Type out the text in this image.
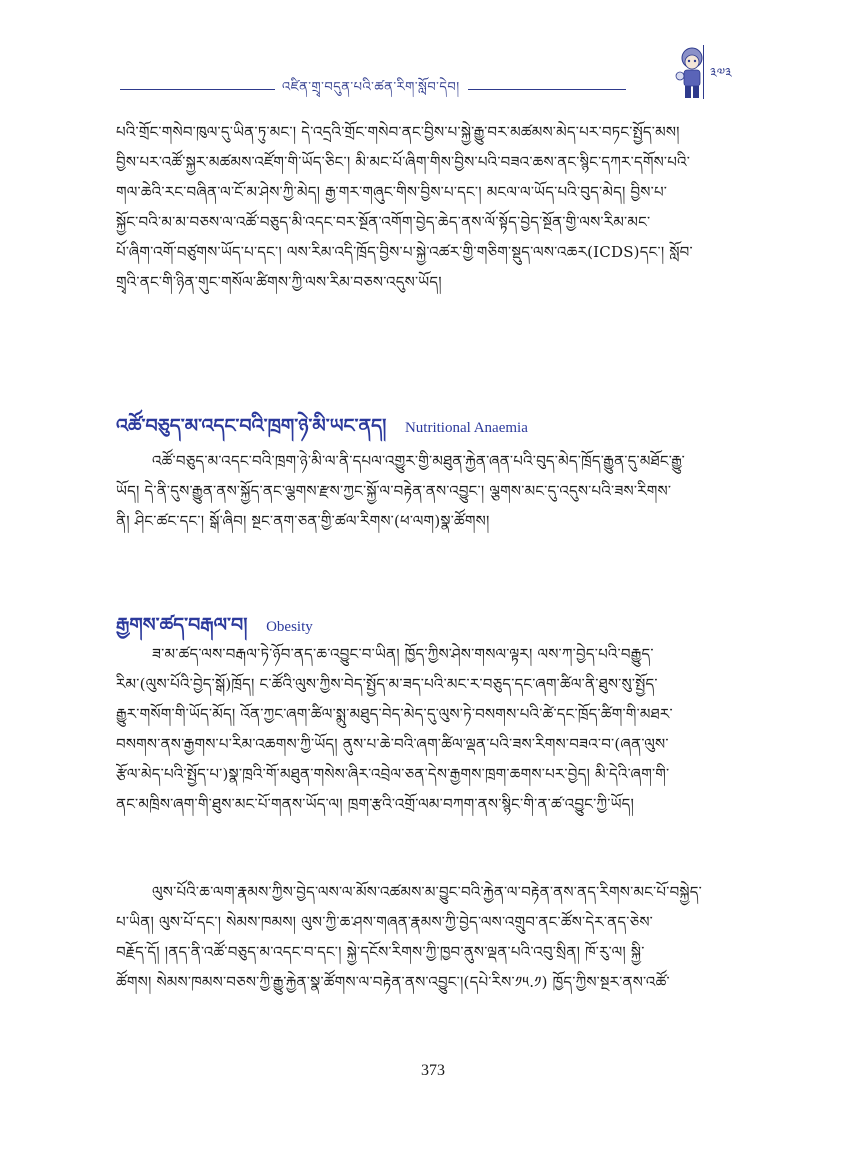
འཛིན་གྲྭ་བདུན་པའི་ཚན་རིག་སློབ་དེབ།
༣༧༣
པའི་གྲོང་གསེབ་ཁུལ་དུ་ཡིན་ཏུ་མང་། དེ་འདྲའི་གྲོང་གསེབ་ནང་བྱིས་པ་སྐྱེ་རྒྱུ་བར་མཚམས་མེད་པར་བཏང་སྤྱོད་མས།
བྱིས་པར་འཚོ་སྐྱར་མཚམས་འཛོག་གི་ཡོད་ཅིང་། མི་མང་པོ་ཞིག་གིས་བྱིས་པའི་བཟའ་ཆས་ནང་སྙིང་དཀར་དགོས་པའི་
གལ་ཆེའི་རང་བཞིན་ལ་ངོ་མ་ཤེས་ཀྱི་མེད། རྒྱ་གར་གཞུང་གིས་བྱིས་པ་དང་། མངལ་ལ་ཡོད་པའི་བུད་མེད། བྱིས་པ་
སྐྱོང་བའི་མ་མ་བཅས་ལ་འཚོ་བཅུད་མི་འདང་བར་སྔོན་འགོག་བྱེད་ཆེད་ནས་ལོ་སྟོད་བྱེད་སྔོན་གྱི་ལས་རིམ་མང་
པོ་ཞིག་འགོ་བཙུགས་ཡོད་པ་དང་། ལས་རིམ་འདི་ཁྲོད་བྱིས་པ་སྐྱེ་འཚར་གྱི་གཅིག་སྡུད་ལས་འཆར(ICDS)དང་། སློབ་
གྲྭའི་ནང་གི་ཉིན་གུང་གསོལ་ཚིགས་ཀྱི་ལས་རིམ་བཅས་འདུས་ཡོད།
འཚོ་བཅུད་མ་འདང་བའི་ཁྲག་ཉེ་མི་ཡང་ནད། Nutritional Anaemia
འཚོ་བཅུད་མ་འདང་བའི་ཁྲག་ཉེ་མི་ལ་ནི་དཔལ་འགྱུར་གྱི་མཐུན་རྐྱེན་ཞན་པའི་བུད་མེད་ཁྲོད་རྒྱུན་དུ་མཐོང་རྒྱུ་
ཡོད། དེ་ནི་དུས་རྒྱུན་ནས་སྐྱོད་ནང་ལྕགས་རྫས་ཀྱང་སྐྱོ་ལ་བརྟེན་ནས་འབྱུང་། ལྕགས་མང་དུ་འདུས་པའི་ཟས་རིགས་
ནི། ཤིང་ཚང་དང་། སྒོ་ཞིབ། སྔང་ནག་ཅན་གྱི་ཚལ་རིགས་(ཕ་ལག)སྣ་ཚོགས།
རྒྱགས་ཚད་བརྒལ་བ། Obesity
ཟ་མ་ཚད་ལས་བརྒལ་ཏེ་ཉོབ་ནད་ཆ་འབྱུང་བ་ཡིན། ཁྱོད་ཀྱིས་ཤེས་གསལ་ལྟར། ལས་ཀ་བྱེད་པའི་བརྒྱུད་
རིམ་(ལུས་པོའི་བྱེད་སྒོ)ཁྲོད། ང་ཚོའི་ལུས་ཀྱིས་བེད་སྤྱོད་མ་ཟད་པའི་མང་ར་བཅུད་དང་ཞག་ཚིལ་ནི་ཐུས་སུ་སྤྱོད་
རྒྱུར་གསོག་གི་ཡོད་མོད། འོན་ཀྱང་ཞག་ཚིལ་སྨུ་མཐུད་བེད་མེད་དུ་ལུས་ཏེ་བསགས་པའི་ཚེ་དང་ཁྲོད་ཚིག་གི་མཐར་
བསགས་ནས་རྒྱགས་པ་རིམ་འཆགས་ཀྱི་ཡོད། ནུས་པ་ཆེ་བའི་ཞག་ཚིལ་ལྡན་པའི་ཟས་རིགས་བཟའ་བ་(ཞན་ལུས་
རྩོལ་མེད་པའི་སྤྱོད་པ་)སྣ་ཁྲའི་གོ་མཐུན་གསེས་ཞིར་འབྲེལ་ཅན་དེས་རྒྱགས་ཁྲག་ཆགས་པར་བྱེད། མི་དེའི་ཞག་གི་
ནང་མཁྲིས་ཞག་གི་ཐུས་མང་པོ་གནས་ཡོད་ལ། ཁྲག་རྩའི་འགྲོ་ལམ་བཀག་ནས་སྙིང་གི་ན་ཚ་འབྱུང་ཀྱི་ཡོད།
ལུས་པོའི་ཆ་ལག་རྣམས་ཀྱིས་བྱེད་ལས་ལ་མོས་འཚམས་མ་བྱུང་བའི་རྐྱེན་ལ་བརྟེན་ནས་ནད་རིགས་མང་པོ་བསྐྱེད་
པ་ཡིན། ལུས་པོ་དང་། སེམས་ཁམས། ལུས་ཀྱི་ཆ་ཤས་གཞན་རྣམས་ཀྱི་བྱེད་ལས་འགྲུབ་ནང་ཚོས་དེར་ནད་ཅེས་
བརྗོད་དོ། །ནད་ནི་འཚོ་བཅུད་མ་འདང་བ་དང་། སྐྱེ་དངོས་རིགས་ཀྱི་ཁྱབ་ནུས་ལྡན་པའི་འབུ་སྲིན། ཁོ་རུ་ལ། སྐྱི་
ཚོགས། སེམས་ཁམས་བཅས་ཀྱི་རྒྱུ་རྐྱེན་སྣ་ཚོགས་ལ་བརྟེན་ནས་འབྱུང་།(དཔེ་རིས་༡༥.༡) ཁྱོད་ཀྱིས་སྔར་ནས་འཚོ་
373
